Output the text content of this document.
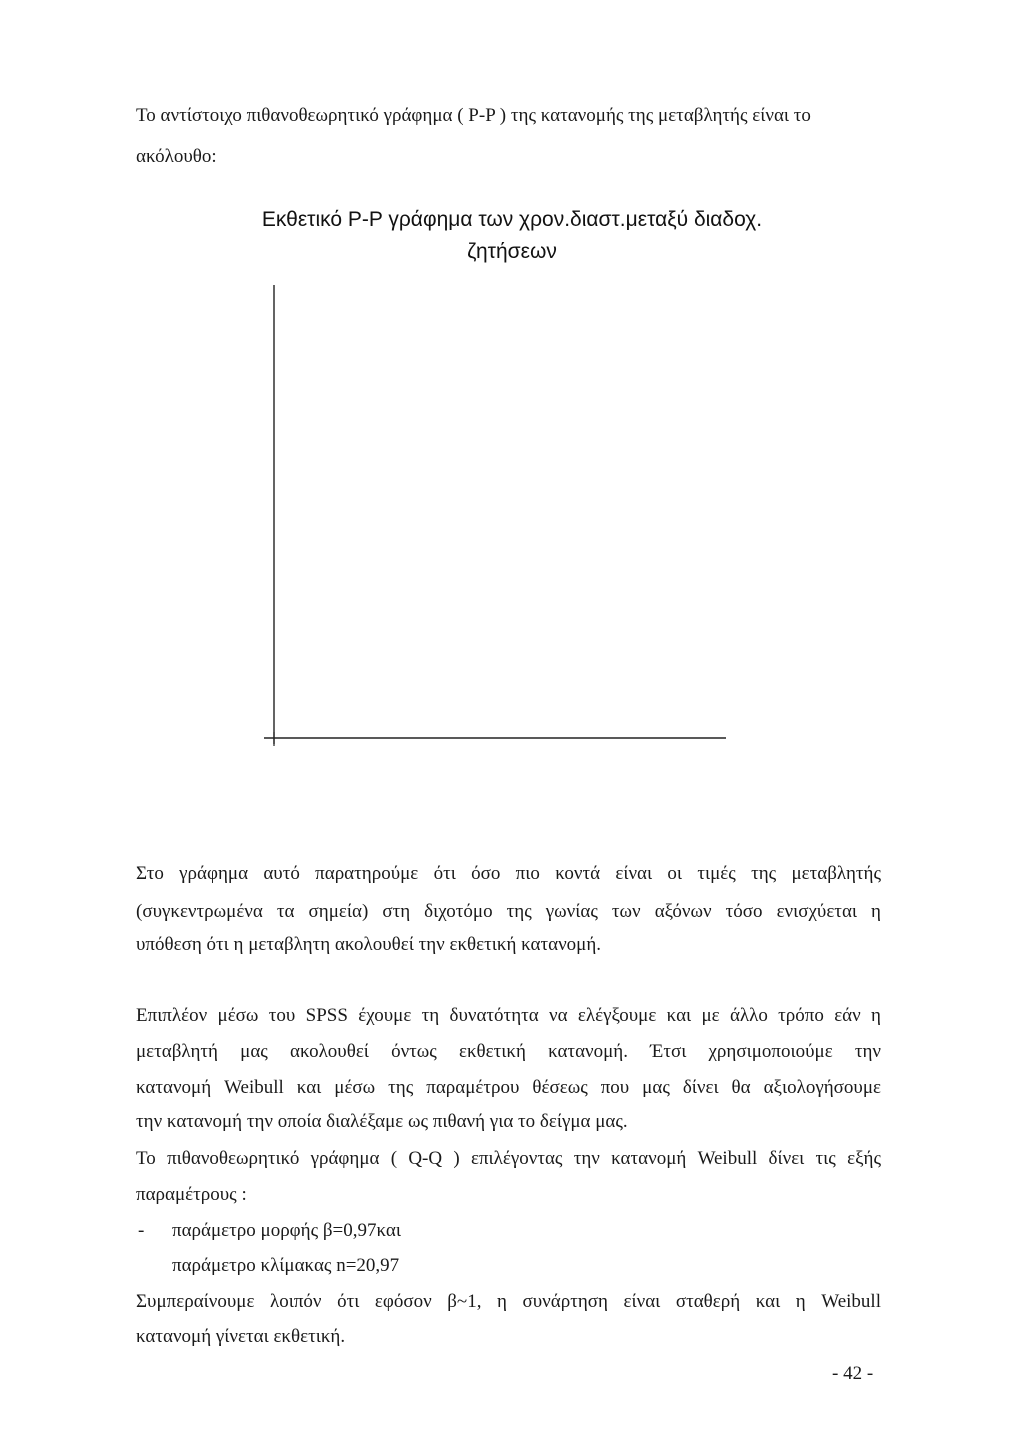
Το αντίστοιχο πιθανοθεωρητικό γράφημα ( P-P ) της κατανομής της μεταβλητής είναι το

ακόλουθο:

Εκθετικό P-P γράφημα των χρον.διαστ.μεταξύ διαδοχ.

ζητήσεων

Στο γράφημα αυτό παρατηρούμε ότι όσο πιο κοντά είναι οι τιμές της μεταβλητής

(συγκεντρωμένα τα σημεία) στη διχοτόμο της γωνίας των αξόνων τόσο ενισχύεται η

υπόθεση ότι η μεταβλητη ακολουθεί την εκθετική κατανομή.

Επιπλέον μέσω του SPSS έχουμε τη δυνατότητα να ελέγξουμε και με άλλο τρόπο εάν η

μεταβλητή μας ακολουθεί όντως εκθετική κατανομή. Έτσι χρησιμοποιούμε την

κατανομή Weibull και μέσω της παραμέτρου θέσεως που μας δίνει θα αξιολογήσουμε

την κατανομή την οποία διαλέξαμε ως πιθανή για το δείγμα μας.

Το πιθανοθεωρητικό γράφημα ( Q-Q ) επιλέγοντας την κατανομή Weibull δίνει τις εξής

παραμέτρους :

- παράμετρο μορφής β=0,97και

παράμετρο κλίμακας n=20,97

Συμπεραίνουμε λοιπόν ότι εφόσον β~1, η συνάρτηση είναι σταθερή και η Weibull

κατανομή γίνεται εκθετική.

- 42 -
